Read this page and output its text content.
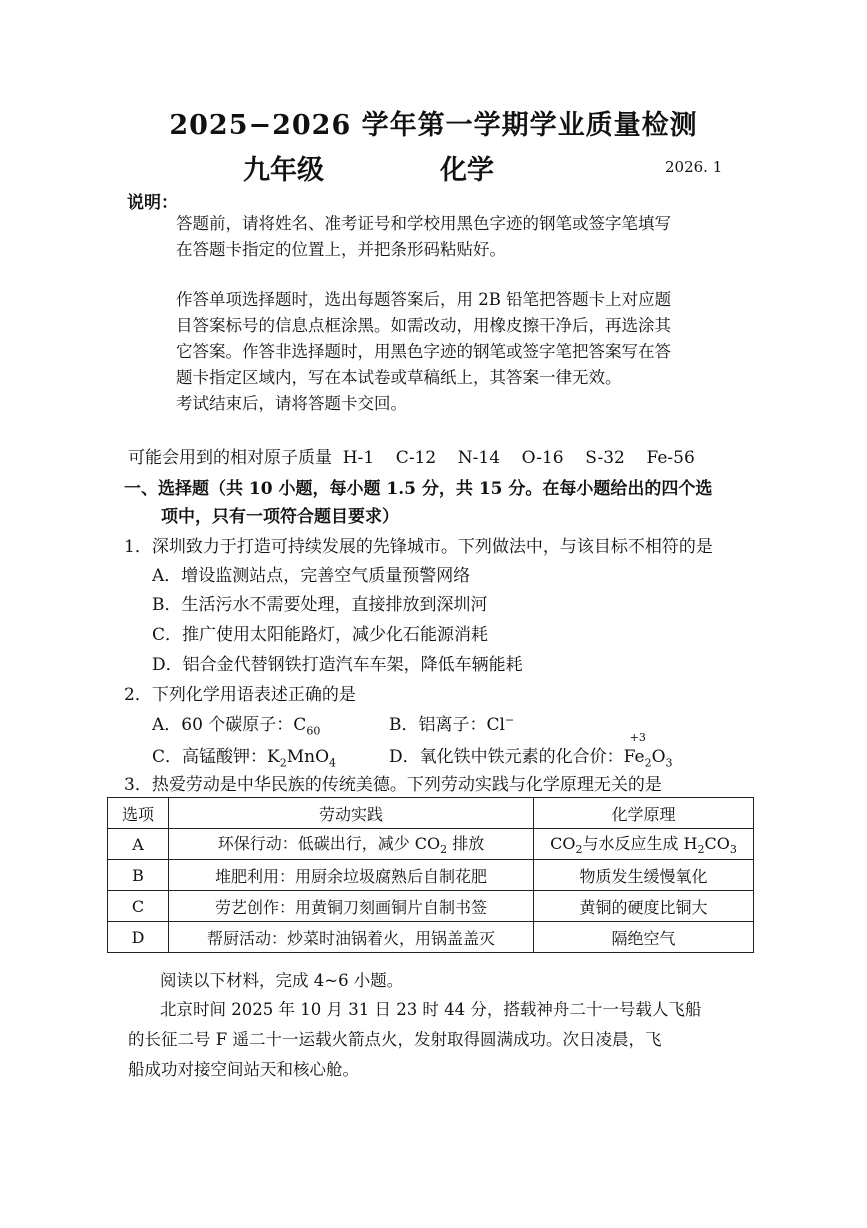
2025−2026 学年第一学期学业质量检测
九年级	化学	2026. 1
说明：
答题前，请将姓名、准考证号和学校用黑色字迹的钢笔或签字笔填写
在答题卡指定的位置上，并把条形码粘贴好。
作答单项选择题时，选出每题答案后，用 2B 铅笔把答题卡上对应题
目答案标号的信息点框涂黑。如需改动，用橡皮擦干净后，再选涂其
它答案。作答非选择题时，用黑色字迹的钢笔或签字笔把答案写在答
题卡指定区域内，写在本试卷或草稿纸上，其答案一律无效。
考试结束后，请将答题卡交回。
可能会用到的相对原子质量  H-1    C-12    N-14    O-16    S-32    Fe-56
一、选择题（共 10 小题，每小题 1.5 分，共 15 分。在每小题给出的四个选
项中，只有一项符合题目要求）
1．深圳致力于打造可持续发展的先锋城市。下列做法中，与该目标不相符的是
A．增设监测站点，完善空气质量预警网络
B．生活污水不需要处理，直接排放到深圳河
C．推广使用太阳能路灯，减少化石能源消耗
D．铝合金代替钢铁打造汽车车架，降低车辆能耗
2．下列化学用语表述正确的是
A．60 个碳原子：$C_{60}$	B．铝离子：Cl−
C．高锰酸钾：$K_2MnO_4$	D．氧化铁中铁元素的化合价：
+3
$Fe_2O_3$
3．热爱劳动是中华民族的传统美德。下列劳动实践与化学原理无关的是
选项	劳动实践	化学原理
A	环保行动：低碳出行，减少 $CO_2$ 排放	$CO_2$与水反应生成 $H_2CO_3$
B	堆肥利用：用厨余垃圾腐熟后自制花肥	物质发生缓慢氧化
C	劳艺创作：用黄铜刀刻画铜片自制书签	黄铜的硬度比铜大
D	帮厨活动：炒菜时油锅着火，用锅盖盖灭	隔绝空气
阅读以下材料，完成 4~6 小题。
北京时间 2025 年 10 月 31 日 23 时 44 分，搭载神舟二十一号载人飞船
的长征二号 F 遥二十一运载火箭点火，发射取得圆满成功。次日凌晨，飞
船成功对接空间站天和核心舱。
